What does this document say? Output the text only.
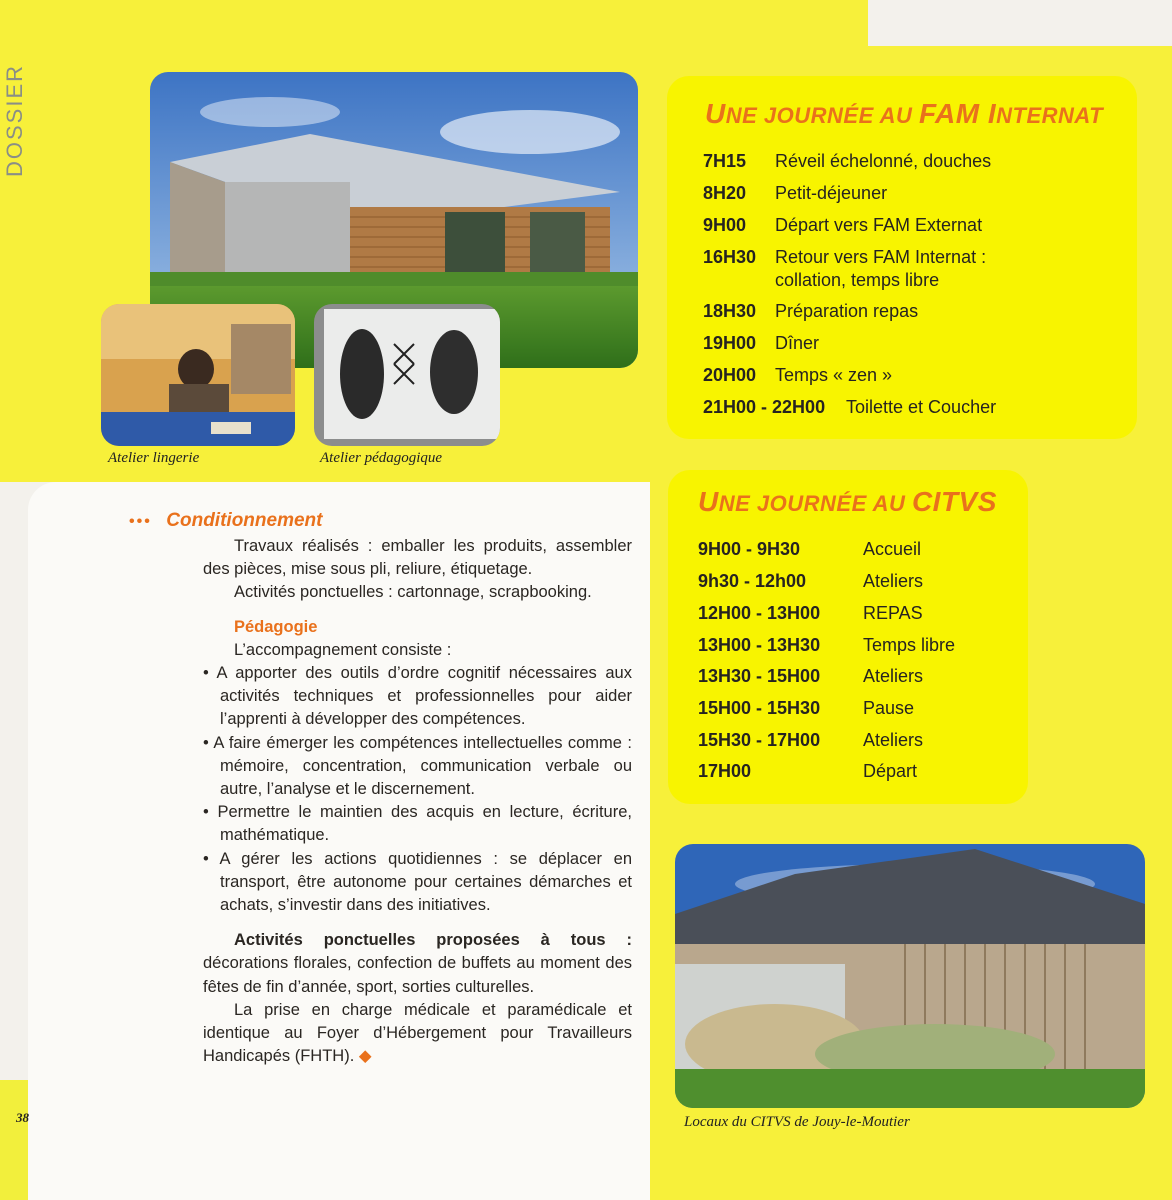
DOSSIER
Atelier lingerie	Atelier pédagogique
UNE JOURNÉE AU FAM INTERNAT
7H15 Réveil échelonné, douches
8H20 Petit-déjeuner
9H00 Départ vers FAM Externat
16H30 Retour vers FAM Internat :
collation, temps libre
18H30 Préparation repas
19H00 Dîner
20H00 Temps « zen »
21H00 - 22H00 Toilette et Coucher
UNE JOURNÉE AU CITVS
9H00 - 9H30	Accueil
9h30 - 12h00	Ateliers
12H00 - 13H00 REPAS
13H00 - 13H30 Temps libre
13H30 - 15H00 Ateliers
15H00 - 15H30 Pause
15H30 - 17H00 Ateliers
17H00	Départ
Locaux du CITVS de Jouy-le-Moutier
••• Conditionnement

Travaux réalisés : emballer les produits, assembler des pièces, mise sous pli, reliure, étiquetage.

Activités ponctuelles : cartonnage, scrapbooking.

Pédagogie

L’accompagnement consiste :

• A apporter des outils d’ordre cognitif nécessaires aux activités techniques et professionnelles pour aider l’apprenti à développer des compétences.

• A faire émerger les compétences intellectuelles comme : mémoire, concentration, communication verbale ou autre, l’analyse et le discernement.

• Permettre le maintien des acquis en lecture, écriture, mathématique.

• A gérer les actions quotidiennes : se déplacer en transport, être autonome pour certaines démarches et achats, s’investir dans des initiatives.

Activités ponctuelles proposées à tous : décorations florales, confection de buffets au moment des fêtes de fin d’année, sport, sorties culturelles.

La prise en charge médicale et paramédicale et identique au Foyer d’Hébergement pour Travailleurs Handicapés (FHTH). ◆

38
